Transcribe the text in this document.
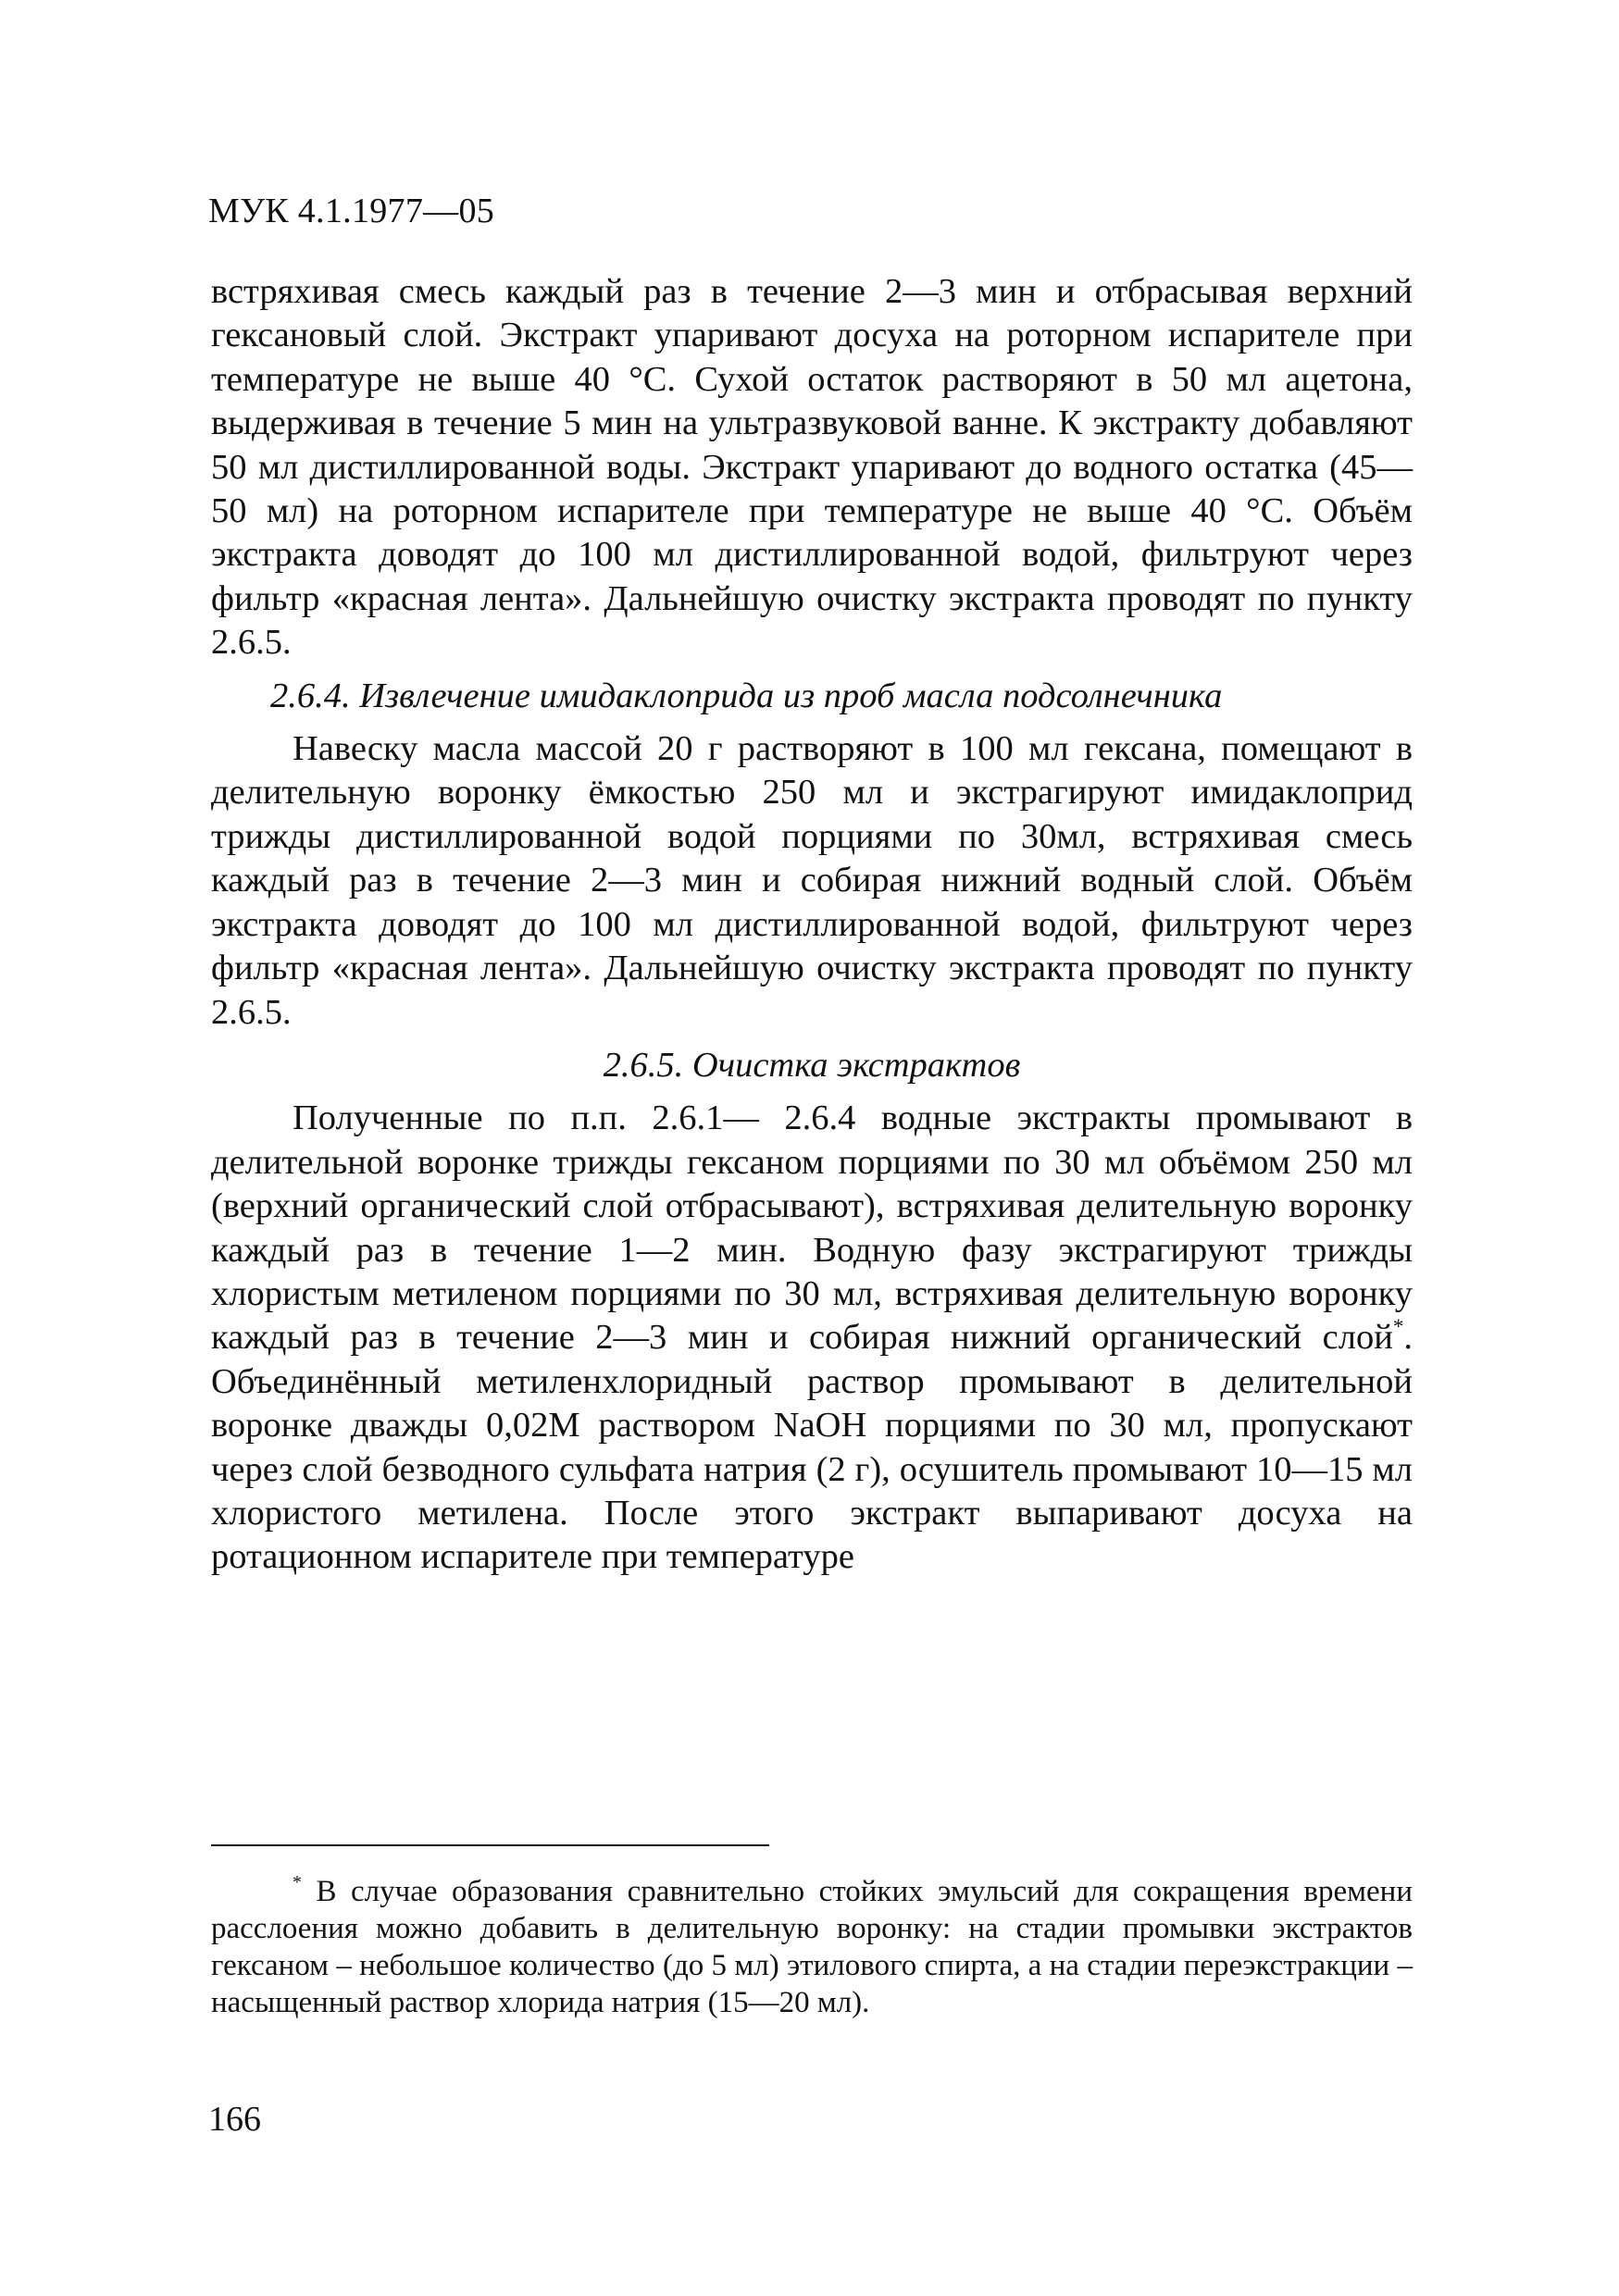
МУК 4.1.1977—05

встряхивая смесь каждый раз в течение 2—3 мин и отбрасывая верхний гексановый слой. Экстракт упаривают досуха на роторном испарителе при температуре не выше 40 °С. Сухой остаток растворяют в 50 мл ацетона, выдерживая в течение 5 мин на ультразвуковой ванне. К экстракту добавляют 50 мл дистиллированной воды. Экстракт упаривают до водного остатка (45—50 мл) на роторном испарителе при температуре не выше 40 °С. Объём экстракта доводят до 100 мл дистиллированной водой, фильтруют через фильтр «красная лента». Дальнейшую очистку экстракта проводят по пункту 2.6.5.

2.6.4. Извлечение имидаклоприда из проб масла подсолнечника

Навеску масла массой 20 г растворяют в 100 мл гексана, помещают в делительную воронку ёмкостью 250 мл и экстрагируют имидаклоприд трижды дистиллированной водой порциями по 30мл, встряхивая смесь каждый раз в течение 2—3 мин и собирая нижний водный слой. Объём экстракта доводят до 100 мл дистиллированной водой, фильтруют через фильтр «красная лента». Дальнейшую очистку экстракта проводят по пункту 2.6.5.

2.6.5. Очистка экстрактов

Полученные по п.п. 2.6.1— 2.6.4 водные экстракты промывают в делительной воронке трижды гексаном порциями по 30 мл объёмом 250 мл (верхний органический слой отбрасывают), встряхивая делительную воронку каждый раз в течение 1—2 мин. Водную фазу экстрагируют трижды хлористым метиленом порциями по 30 мл, встряхивая делительную воронку каждый раз в течение 2—3 мин и собирая нижний органический слой*. Объединённый метиленхлоридный раствор промывают в делительной воронке дважды 0,02М раствором NaOH порциями по 30 мл, пропускают через слой безводного сульфата натрия (2 г), осушитель промывают 10—15 мл хлористого метилена. После этого экстракт выпаривают досуха на ротационном испарителе при температуре

* В случае образования сравнительно стойких эмульсий для сокращения времени расслоения можно добавить в делительную воронку: на стадии промывки экстрактов гексаном – небольшое количество (до 5 мл) этилового спирта, а на стадии переэкстракции – насыщенный раствор хлорида натрия (15—20 мл).
166
